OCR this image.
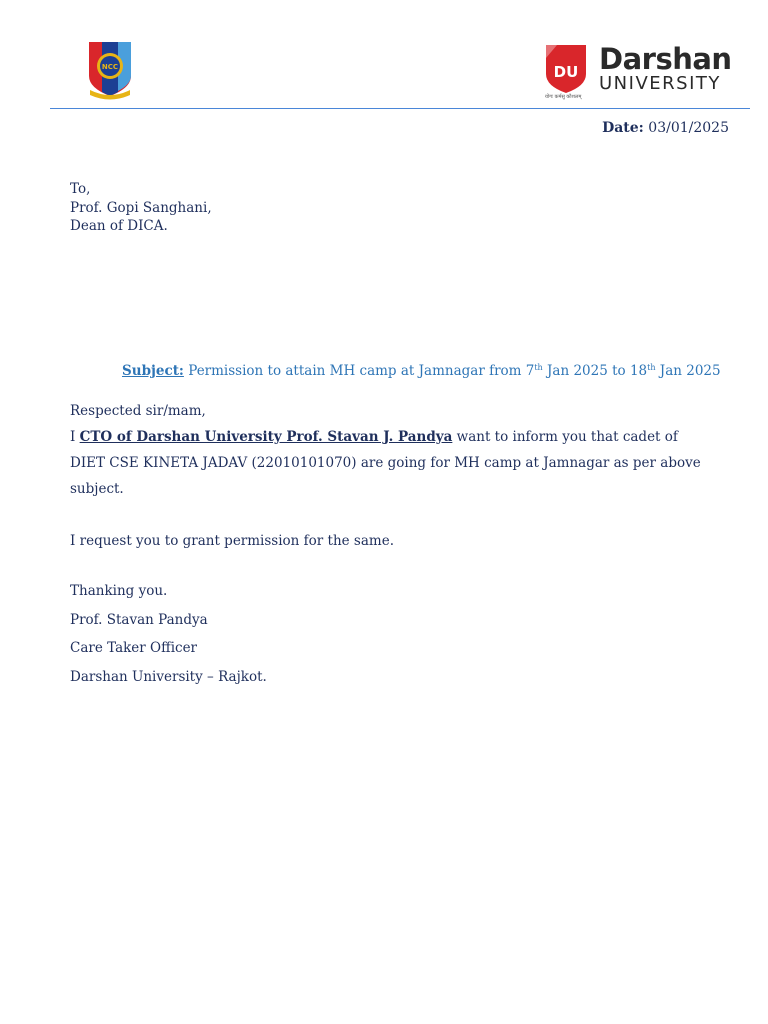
NCC	DU Darshan
UNIVERSITY
योगः कर्मसु कौशलम्
Date: 03/01/2025
To,
Prof. Gopi Sanghani,
Dean of DICA.
Subject: Permission to attain MH camp at Jamnagar from 7th Jan 2025 to 18th Jan 2025
Respected sir/mam,
I CTO of Darshan University Prof. Stavan J. Pandya want to inform you that cadet of DIET CSE KINETA JADAV (22010101070) are going for MH camp at Jamnagar as per above subject.
I request you to grant permission for the same.
Thanking you.
Prof. Stavan Pandya
Care Taker Officer
Darshan University – Rajkot.
